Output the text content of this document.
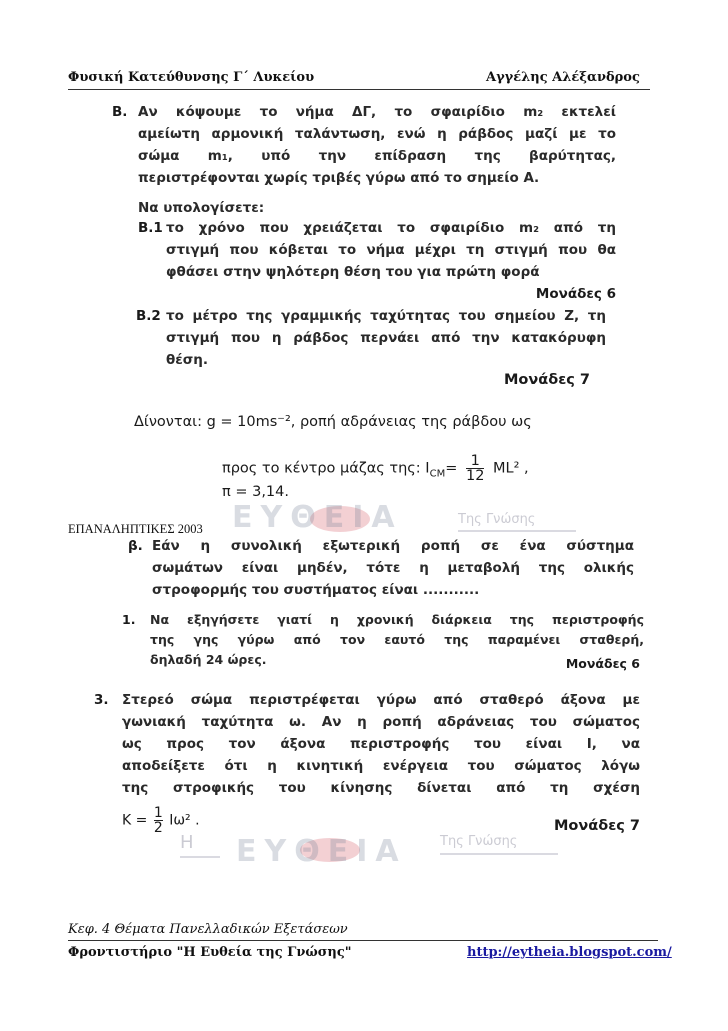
Φυσική Κατεύθυνσης Γ΄ Λυκείου	Αγγέλης Αλέξανδρος
Β. Αν κόψουμε το νήμα ΔΓ, το σφαιρίδιο m₂ εκτελεί
αμείωτη αρμονική ταλάντωση, ενώ η ράβδος μαζί με το
σώμα m₁, υπό την επίδραση της βαρύτητας,
περιστρέφονται χωρίς τριβές γύρω από το σημείο Α.
Να υπολογίσετε:
Β.1 το χρόνο που χρειάζεται το σφαιρίδιο m₂ από τη
στιγμή που κόβεται το νήμα μέχρι τη στιγμή που θα
φθάσει στην ψηλότερη θέση του για πρώτη φορά
Μονάδες 6
Β.2 το μέτρο της γραμμικής ταχύτητας του σημείου Ζ, τη
στιγμή που η ράβδος περνάει από την κατακόρυφη
θέση.
Μονάδες 7
Δίνονται: g = 10ms⁻², ροπή αδράνειας της ράβδου ως
προς το κέντρο μάζας της: $I_{CM}= \frac{1}{12} ML^2$ ,
π = 3,14.
ΕΥΘΕΙΑ	Της Γνώσης
ΕΠΑΝΑΛΗΠΤΙΚΕΣ 2003
β. Εάν η συνολική εξωτερική ροπή σε ένα σύστημα
σωμάτων είναι μηδέν, τότε η μεταβολή της ολικής
στροφορμής του συστήματος είναι ...........
1. Να εξηγήσετε γιατί η χρονική διάρκεια της περιστροφής
της γης γύρω από τον εαυτό της παραμένει σταθερή,
δηλαδή 24 ώρες.	Μονάδες 6
3. Στερεό σώμα περιστρέφεται γύρω από σταθερό άξονα με
γωνιακή ταχύτητα ω. Αν η ροπή αδράνειας του σώματος
ως προς τον άξονα περιστροφής του είναι Ι, να
αποδείξετε ότι η κινητική ενέργεια του σώματος λόγω
της στροφικής του κίνησης δίνεται από τη σχέση
$K = \frac{1}{2} I\omega^2$ .	Μονάδες 7
Η ΕΥΘΕΙΑ	Της Γνώσης
Κεφ. 4 Θέματα Πανελλαδικών Εξετάσεων
Φροντιστήριο "Η Ευθεία της Γνώσης"	http://eytheia.blogspot.com/
